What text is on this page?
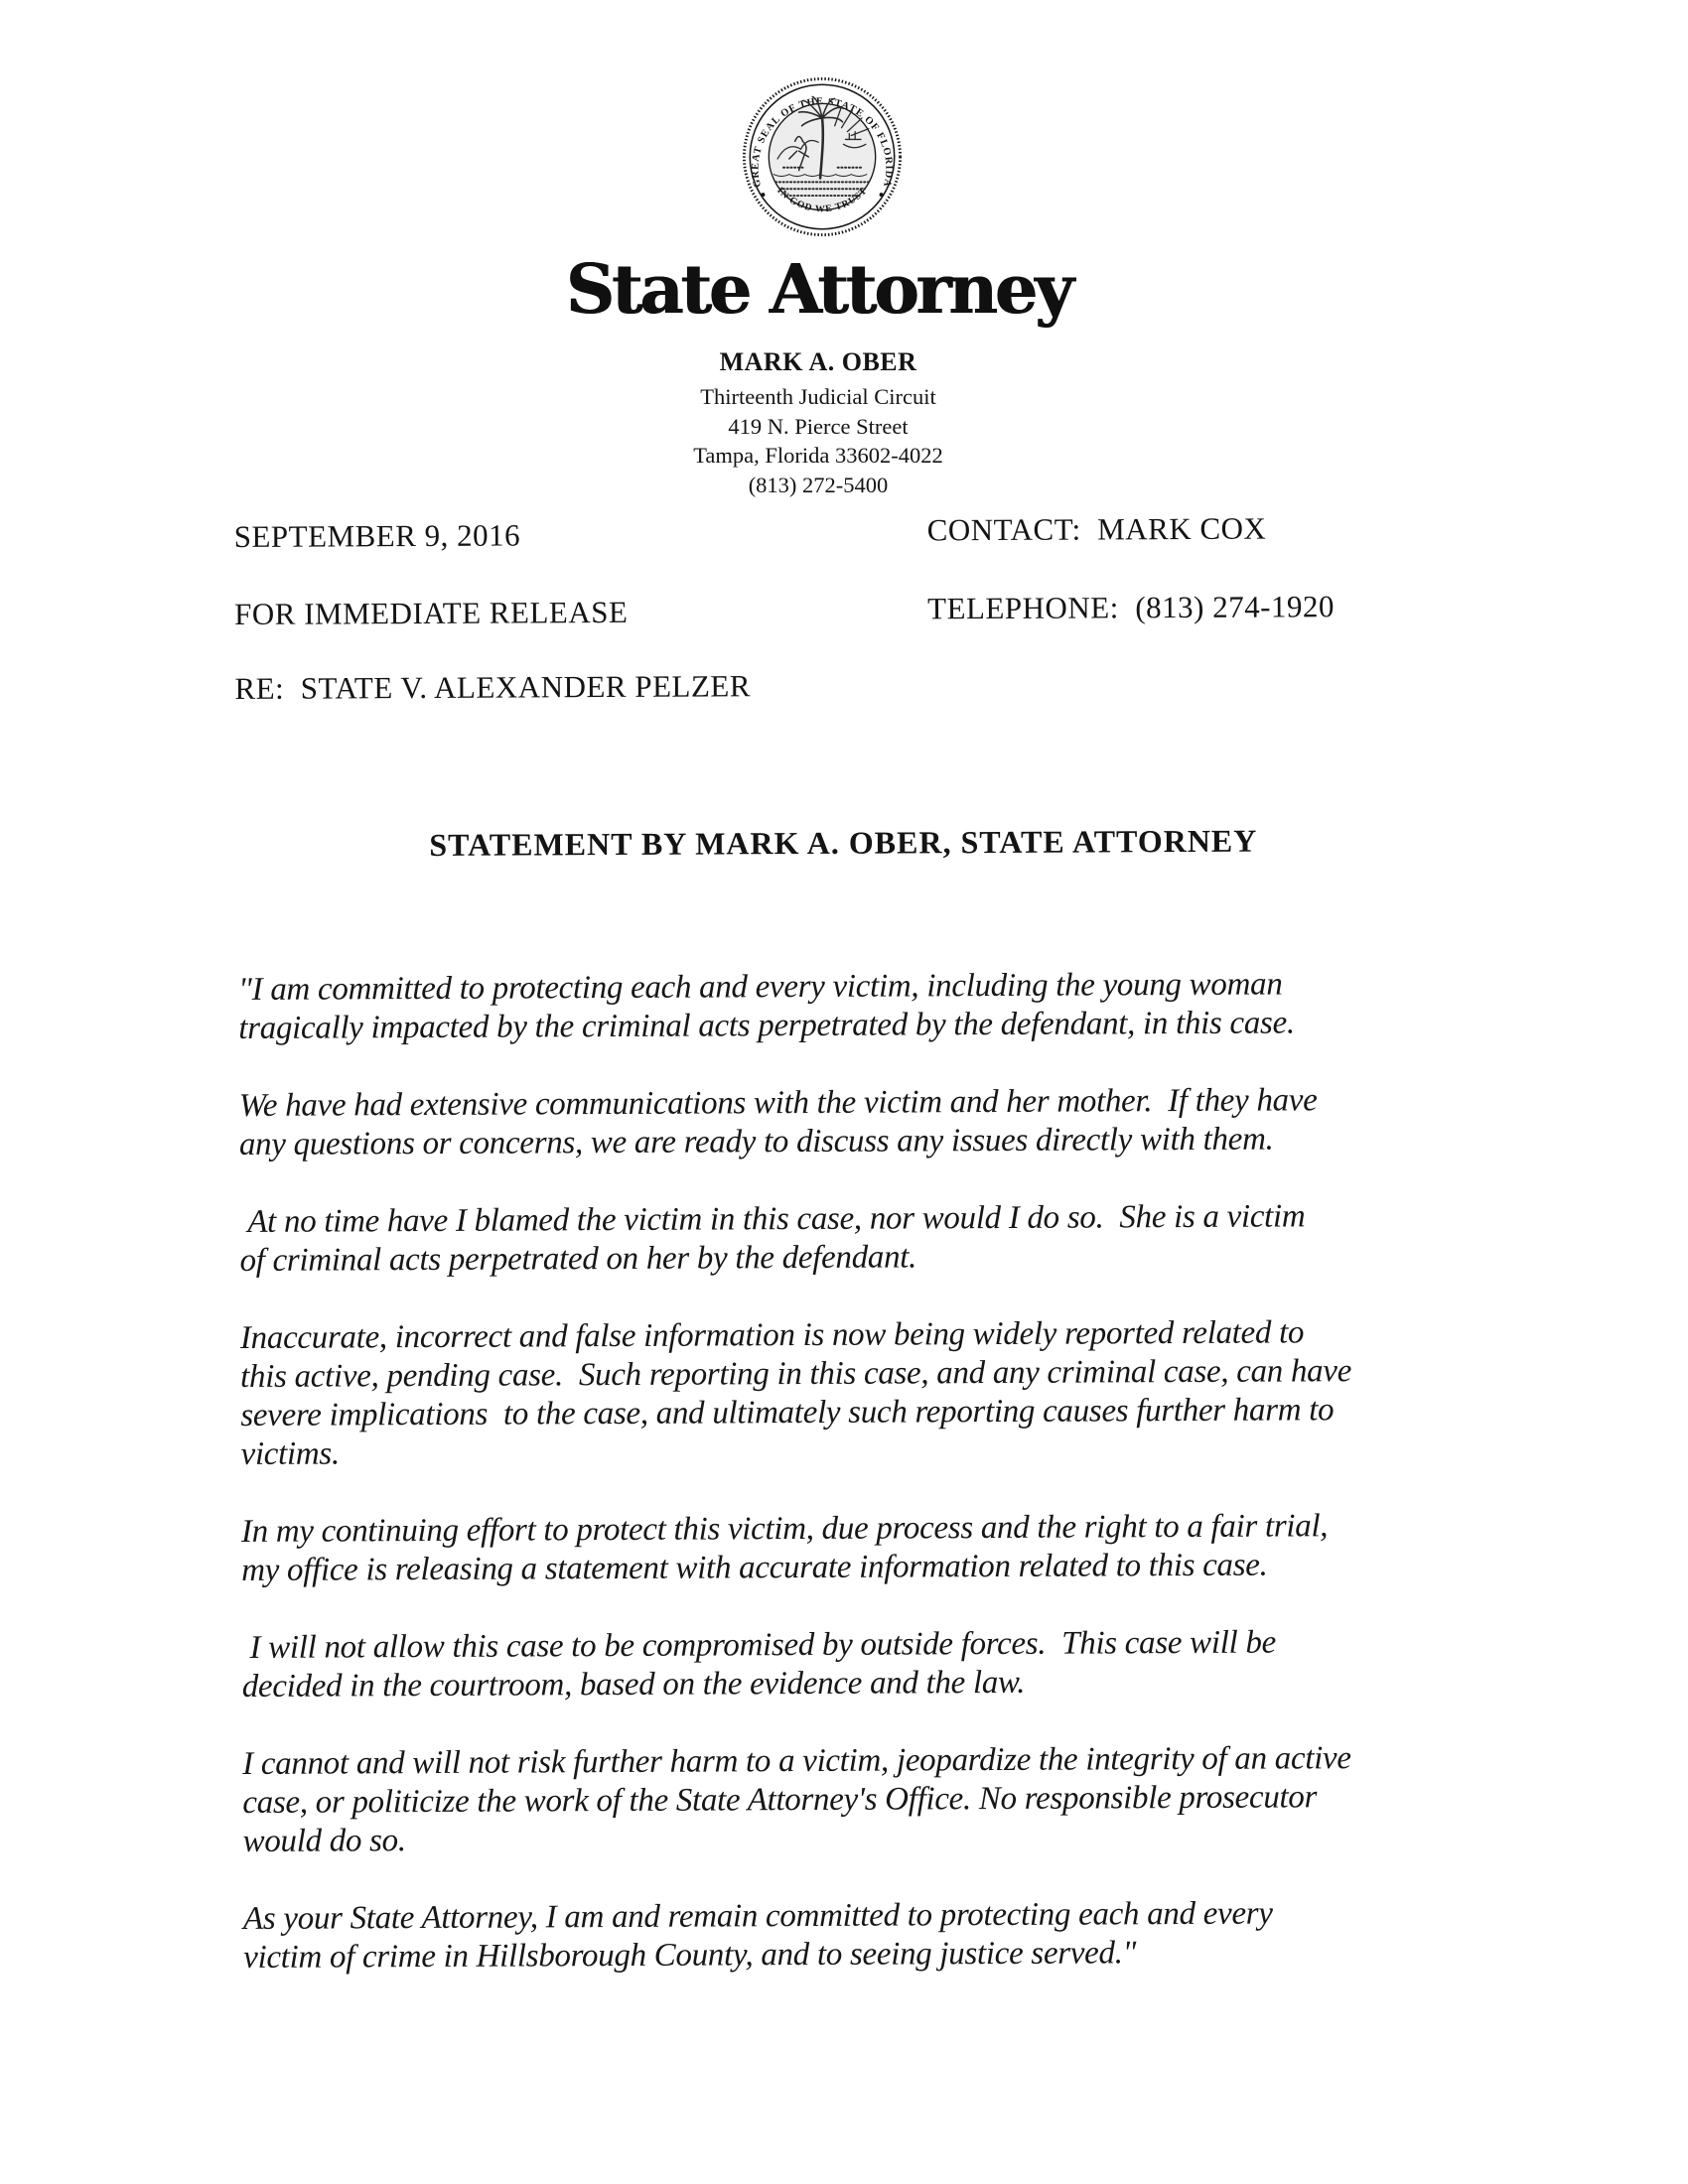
GREAT SEAL OF THE STATE OF FLORIDA
IN GOD WE TRUST
State Attorney
MARK A. OBER
Thirteenth Judicial Circuit
419 N. Pierce Street
Tampa, Florida 33602-4022
(813) 272-5400
SEPTEMBER 9, 2016	CONTACT:  MARK COX
FOR IMMEDIATE RELEASE	TELEPHONE:  (813) 274-1920
RE:  STATE V. ALEXANDER PELZER
STATEMENT BY MARK A. OBER, STATE ATTORNEY

"I am committed to protecting each and every victim, including the young woman
tragically impacted by the criminal acts perpetrated by the defendant, in this case.

We have had extensive communications with the victim and her mother.  If they have
any questions or concerns, we are ready to discuss any issues directly with them.

At no time have I blamed the victim in this case, nor would I do so.  She is a victim
of criminal acts perpetrated on her by the defendant.

Inaccurate, incorrect and false information is now being widely reported related to
this active, pending case.  Such reporting in this case, and any criminal case, can have
severe implications  to the case, and ultimately such reporting causes further harm to
victims.

In my continuing effort to protect this victim, due process and the right to a fair trial,
my office is releasing a statement with accurate information related to this case.

I will not allow this case to be compromised by outside forces.  This case will be
decided in the courtroom, based on the evidence and the law.

I cannot and will not risk further harm to a victim, jeopardize the integrity of an active
case, or politicize the work of the State Attorney's Office. No responsible prosecutor
would do so.

As your State Attorney, I am and remain committed to protecting each and every
victim of crime in Hillsborough County, and to seeing justice served."
